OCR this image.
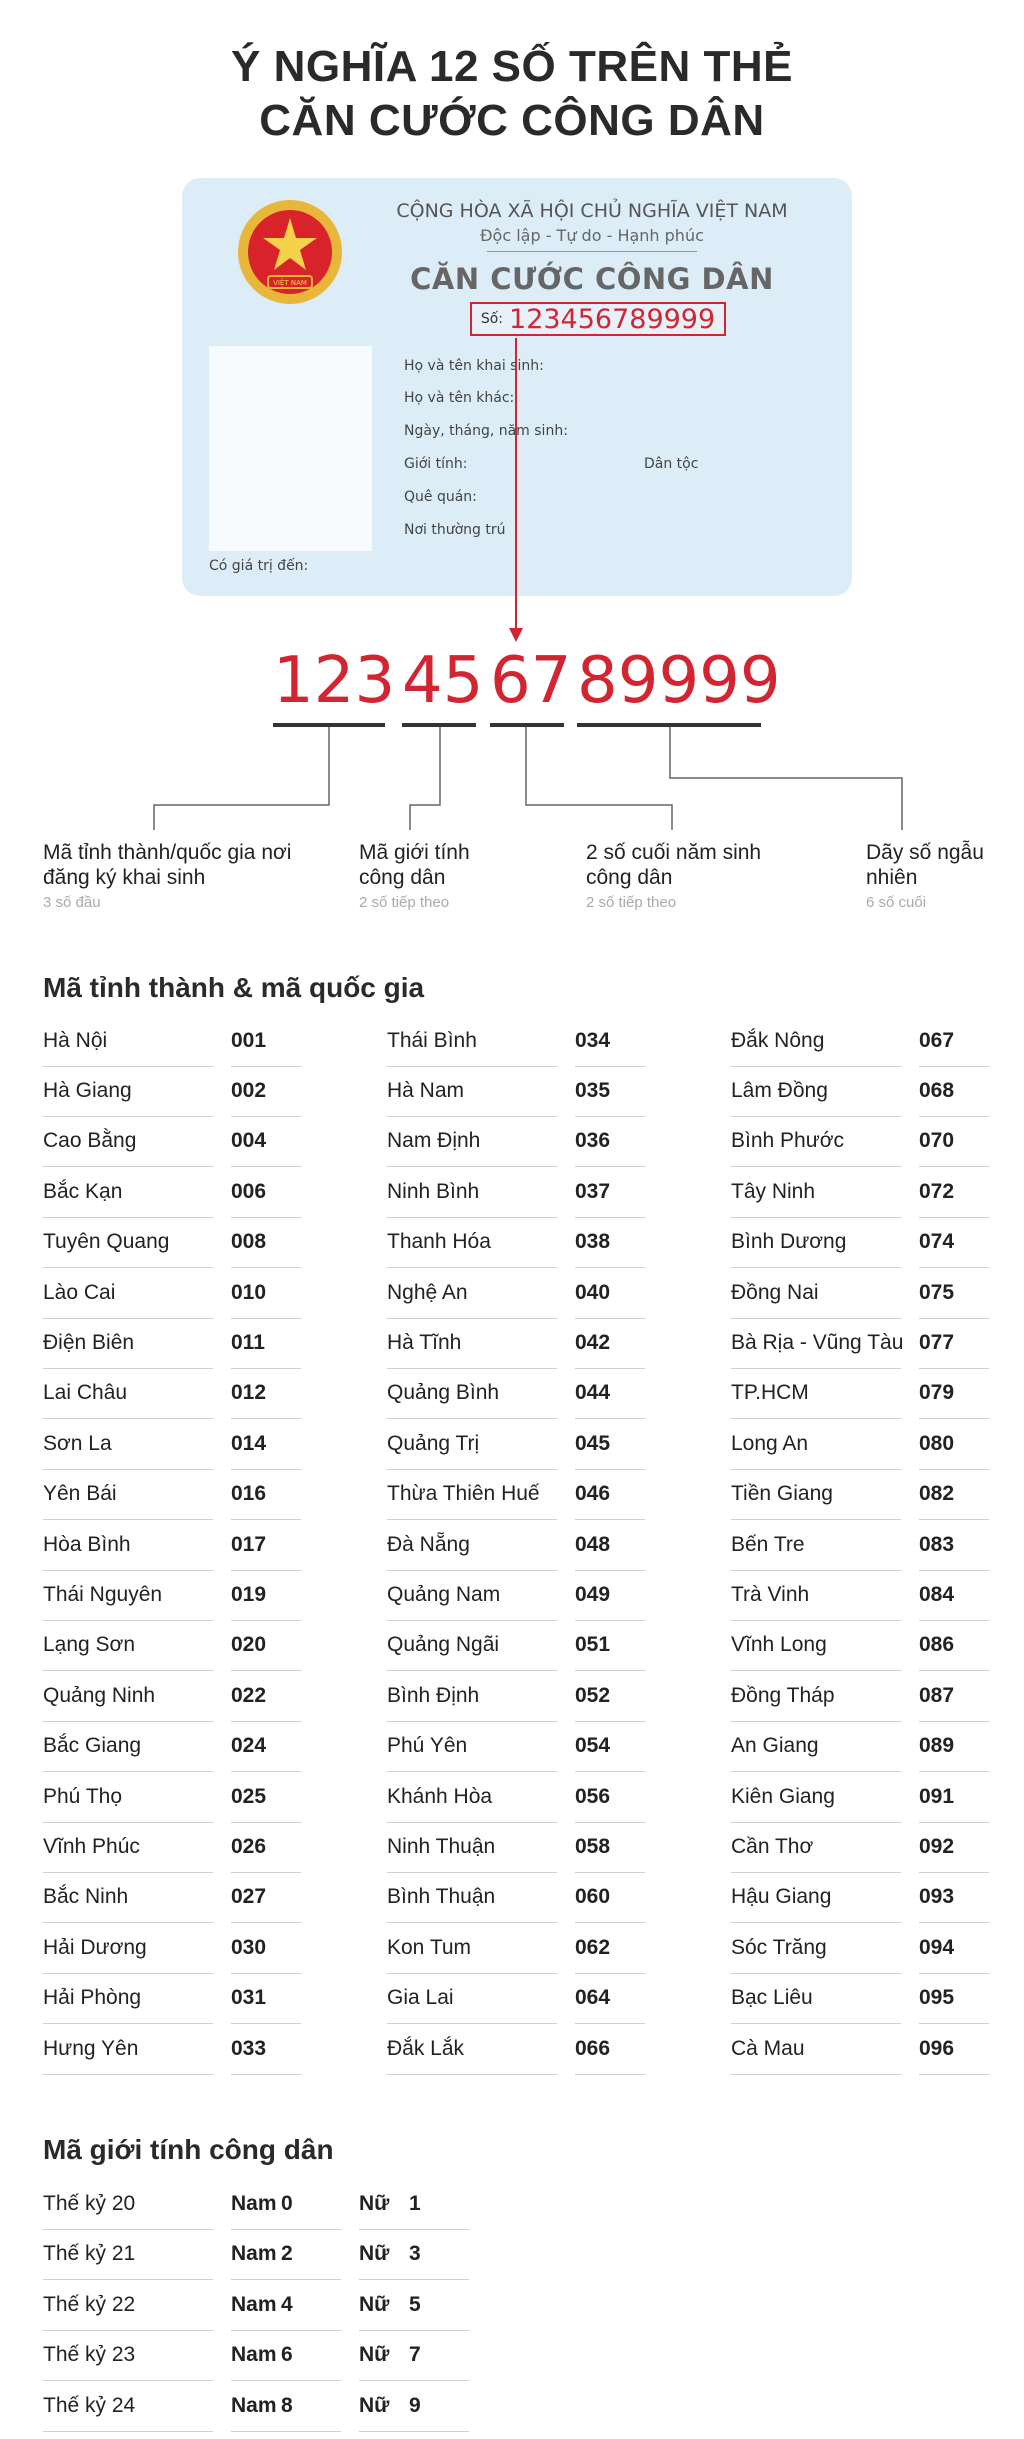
Ý NGHĨA 12 SỐ TRÊN THẺ
CĂN CƯỚC CÔNG DÂN
VIỆT NAM
CỘNG HÒA XÃ HỘI CHỦ NGHĨA VIỆT NAM
Độc lập - Tự do - Hạnh phúc
CĂN CƯỚC CÔNG DÂN
Số: 123456789999
Họ và tên khai sinh:
Họ và tên khác:
Ngày, tháng, năm sinh:
Giới tính:	Dân tộc
Quê quán:
Nơi thường trú
Có giá trị đến:
123 45 67 89999
Mã tỉnh thành/quốc gia nơi đăng ký khai sinh
3 số đầu
Mã giới tính công dân
2 số tiếp theo
2 số cuối năm sinh công dân
2 số tiếp theo
Dãy số ngẫu nhiên
6 số cuối
Mã tỉnh thành & mã quốc gia
Hà Nội	001
Hà Giang	002
Cao Bằng	004
Bắc Kạn	006
Tuyên Quang	008
Lào Cai	010
Điện Biên	011
Lai Châu	012
Sơn La	014
Yên Bái	016
Hòa Bình	017
Thái Nguyên	019
Lạng Sơn	020
Quảng Ninh	022
Bắc Giang	024
Phú Thọ	025
Vĩnh Phúc	026
Bắc Ninh	027
Hải Dương	030
Hải Phòng	031
Hưng Yên	033
Thái Bình	034
Hà Nam	035
Nam Định	036
Ninh Bình	037
Thanh Hóa	038
Nghệ An	040
Hà Tĩnh	042
Quảng Bình	044
Quảng Trị	045
Thừa Thiên Huế	046
Đà Nẵng	048
Quảng Nam	049
Quảng Ngãi	051
Bình Định	052
Phú Yên	054
Khánh Hòa	056
Ninh Thuận	058
Bình Thuận	060
Kon Tum	062
Gia Lai	064
Đắk Lắk	066
Đắk Nông	067
Lâm Đồng	068
Bình Phước	070
Tây Ninh	072
Bình Dương	074
Đồng Nai	075
Bà Rịa - Vũng Tàu 077
TP.HCM	079
Long An	080
Tiền Giang	082
Bến Tre	083
Trà Vinh	084
Vĩnh Long	086
Đồng Tháp	087
An Giang	089
Kiên Giang	091
Cần Thơ	092
Hậu Giang	093
Sóc Trăng	094
Bạc Liêu	095
Cà Mau	096
Mã giới tính công dân
Thế kỷ 20	Nam 0	Nữ 1
Thế kỷ 21	Nam 2	Nữ 3
Thế kỷ 22	Nam 4	Nữ 5
Thế kỷ 23	Nam 6	Nữ 7
Thế kỷ 24	Nam 8	Nữ 9
